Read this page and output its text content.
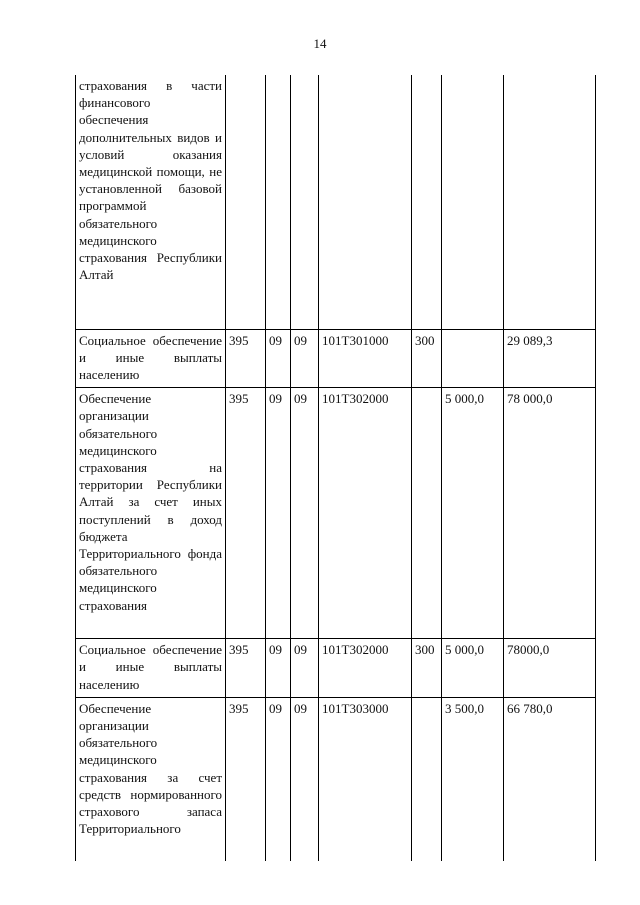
14
страхования в части финансового обеспечения дополнительных видов и условий оказания медицинской помощи, не установленной базовой программой обязательного медицинского страхования Республики Алтай							
Социальное обеспечение и иные выплаты населению	395	09	09	101Т301000	300		29 089,3
Обеспечение организации обязательного медицинского страхования на территории Республики Алтай за счет иных поступлений в доход бюджета Территориального фонда обязательного медицинского страхования	395	09	09	101Т302000		5 000,0	78 000,0
Социальное обеспечение и иные выплаты населению	395	09	09	101Т302000	300	5 000,0	78000,0
Обеспечение организации обязательного медицинского страхования за счет средств нормированного страхового запаса Территориального	395	09	09	101Т303000		3 500,0	66 780,0
